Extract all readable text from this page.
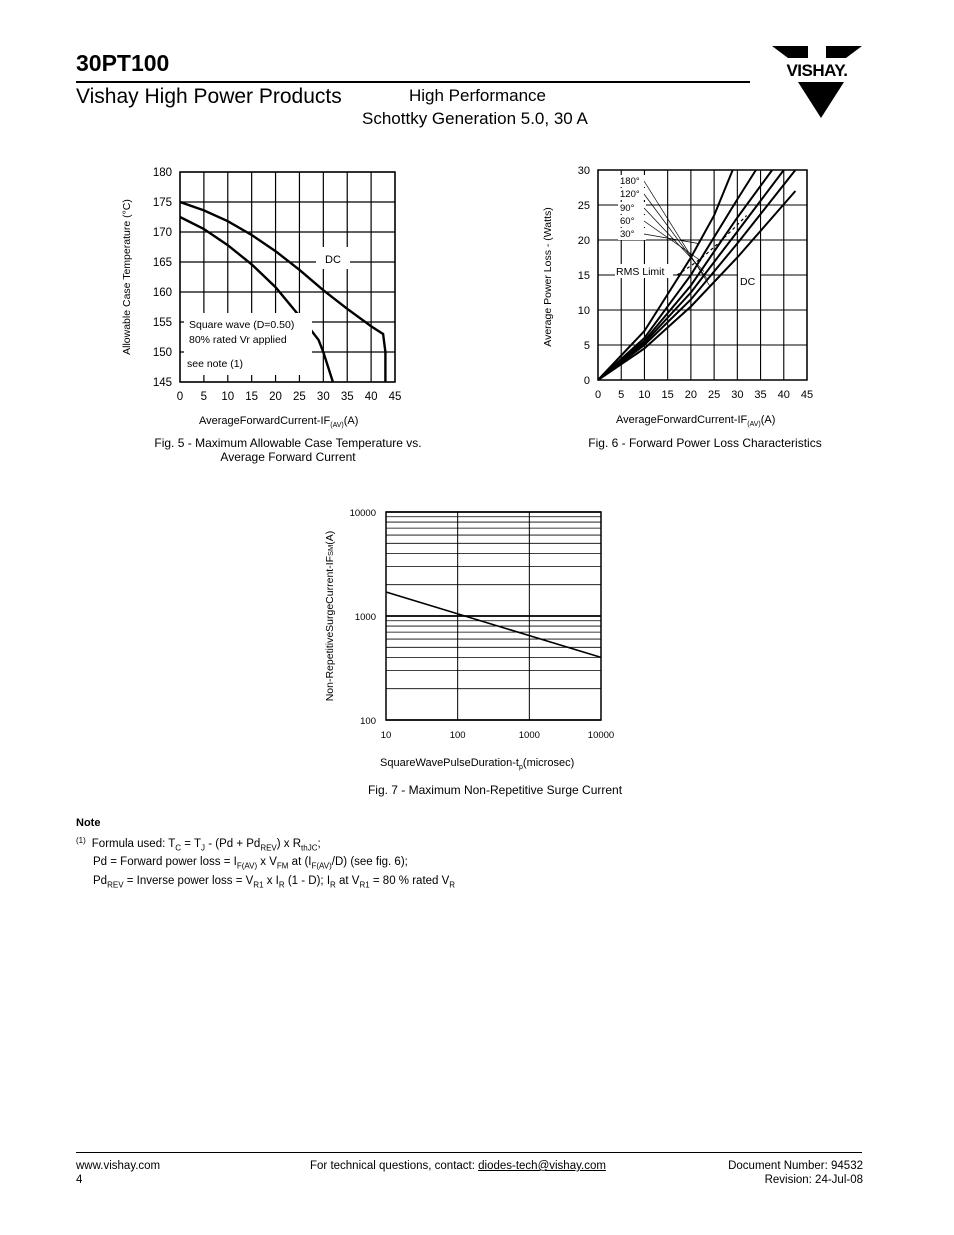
30PT100
Vishay High Power Products	High Performance
Schottky Generation 5.0, 30 A
VISHAY.
0 5 10 15 20 25 30 35 40 45
145
150
155
160
165
170
175
180
DC
Square wave (D=0.50)
80% rated Vr applied
see note (1)
Allowable Case Temperature (°C)
AverageForwardCurrent-$IF_{(AV)}(A)$
Fig. 5 - Maximum Allowable Case Temperature vs.
Average Forward Current
0 5 10 15 20 25 30 35 40 45
0
5
10
15
20
25
30
180°
120°
90°
60°
30°
RMS Limit
DC
Average Power Loss - (Watts)
AverageForwardCurrent-$IF_{(AV)}(A)$
Fig. 6 - Forward Power Loss Characteristics
10	100	1000	10000
100
1000
10000
Non-RepetitiveSurgeCurrent-IFSM(A)
SquareWavePulseDuration-$t_p(microsec)$
Fig. 7 - Maximum Non-Repetitive Surge Current
Note
$^{(1)}$ Formula used: $T_C = T_J - (Pd + Pd_{REV})$ x $R_{thJC}$;
Pd = Forward power loss = $I_{F(AV)}$ x $V_{FM}$ at $(I_{F(AV)}/D)$ (see fig. 6);
$Pd_{REV}$ = Inverse power loss = $V_{R1}$ x $I_R$ (1 - D); $I_R$ at $V_{R1} = 80$ % rated $V_R$
www.vishay.com
4
For technical questions, contact: diodes-tech@vishay.com	Document Number: 94532
Revision: 24-Jul-08
